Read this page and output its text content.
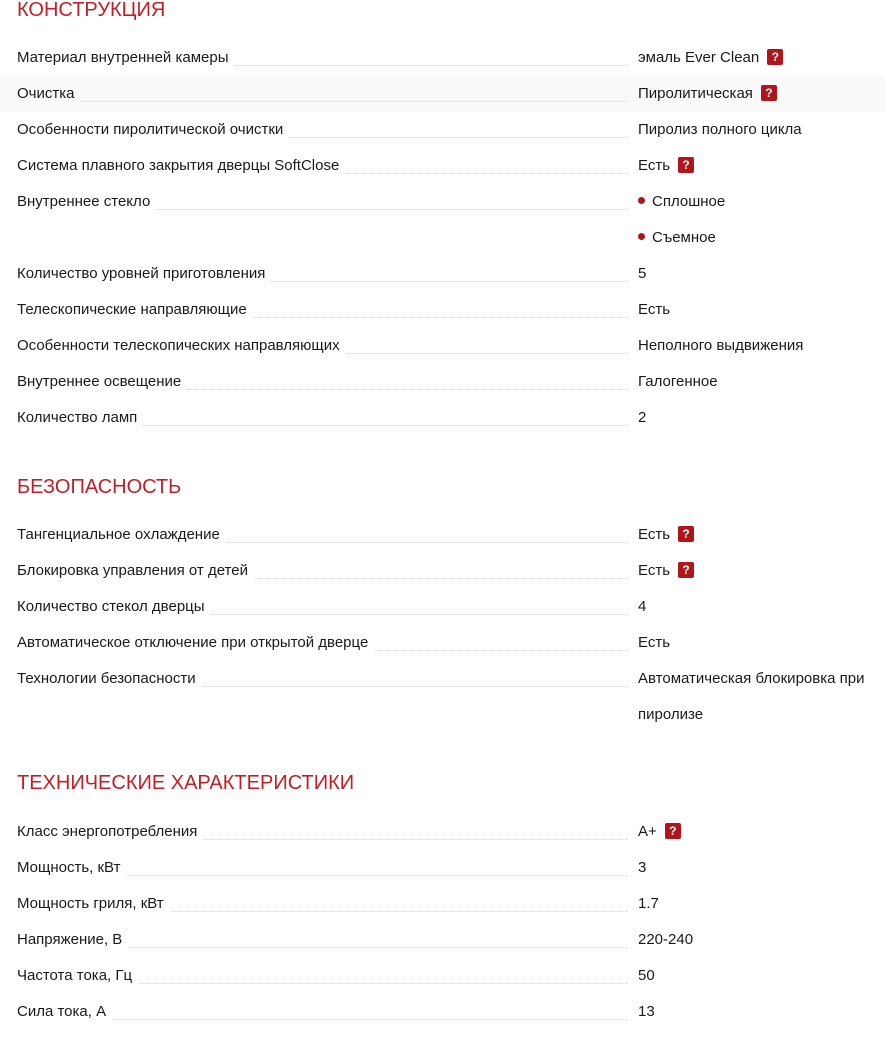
КОНСТРУКЦИЯ
Материал внутренней камеры	эмаль Ever Clean ?
Очистка	Пиролитическая ?
Особенности пиролитической очистки	Пиролиз полного цикла
Система плавного закрытия дверцы SoftClose	Есть ?
Внутреннее стекло	Сплошное
Съемное
Количество уровней приготовления	5
Телескопические направляющие	Есть
Особенности телескопических направляющих	Неполного выдвижения
Внутреннее освещение	Галогенное
Количество ламп	2
БЕЗОПАСНОСТЬ
Тангенциальное охлаждение	Есть ?
Блокировка управления от детей	Есть ?
Количество стекол дверцы	4
Автоматическое отключение при открытой дверце	Есть
Технологии безопасности	Автоматическая блокировка при пиролизе
ТЕХНИЧЕСКИЕ ХАРАКТЕРИСТИКИ
Класс энергопотребления	A+ ?
Мощность, кВт	3
Мощность гриля, кВт	1.7
Напряжение, В	220-240
Частота тока, Гц	50
Сила тока, А	13
